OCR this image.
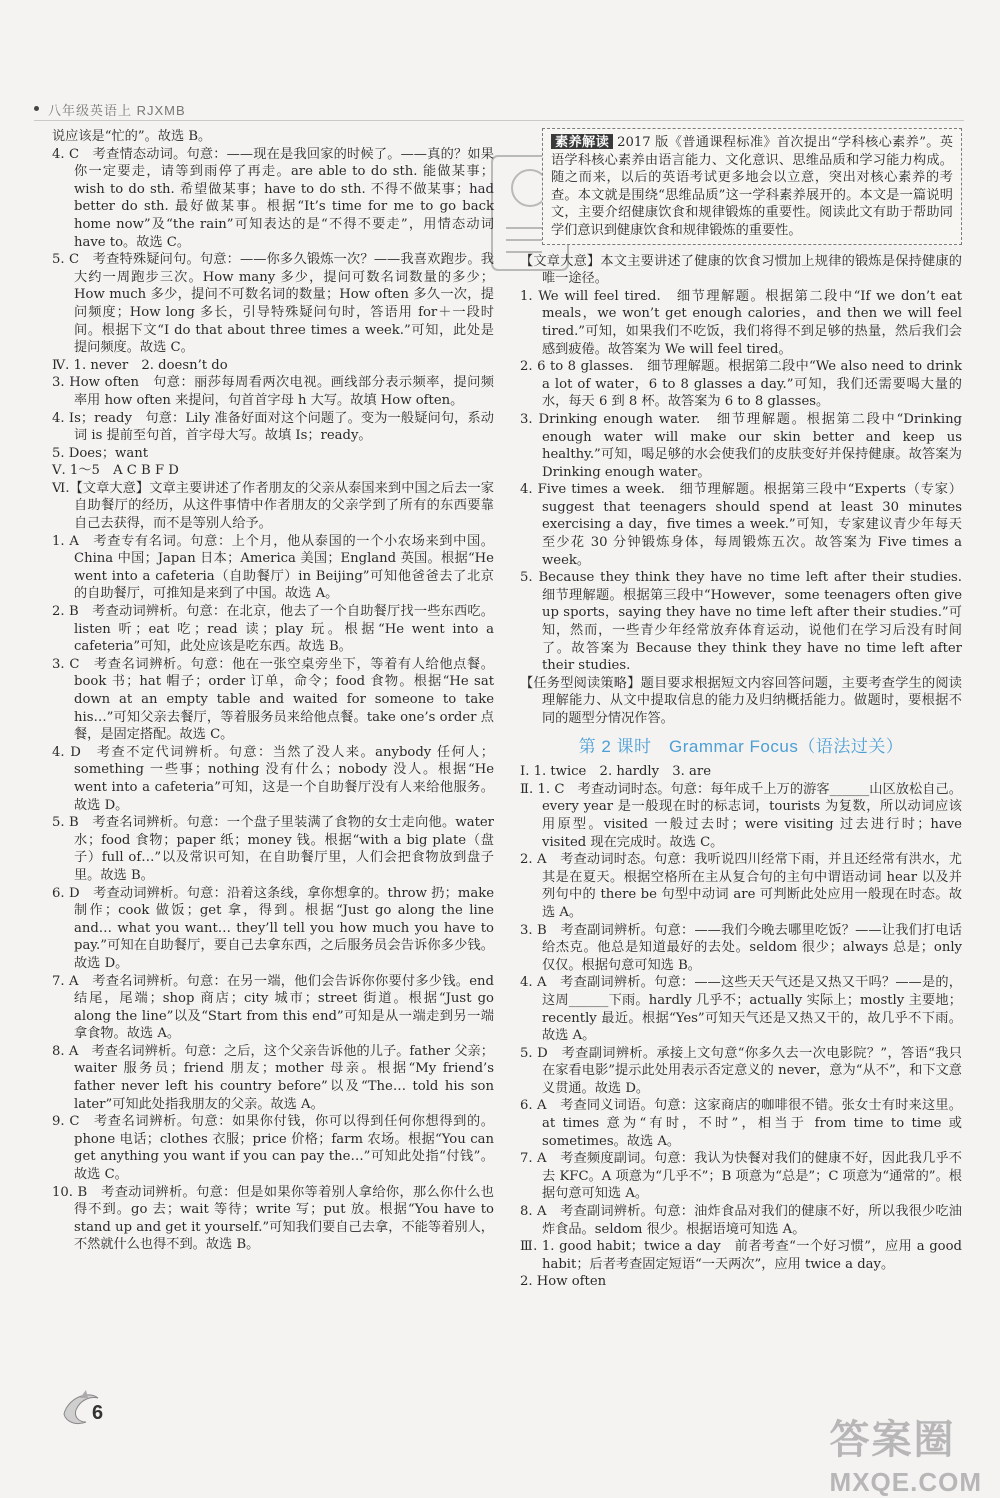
八年级英语上 RJXMB

说应该是“忙的”。故选 B。

4. C　考查情态动词。句意：——现在是我回家的时候了。——真的？如果你一定要走，请等到雨停了再走。are able to do sth. 能做某事；wish to do sth. 希望做某事；have to do sth. 不得不做某事；had better do sth. 最好做某事。根据“It’s time for me to go back home now”及“the rain”可知表达的是“不得不要走”，用情态动词 have to。故选 C。

5. C　考查特殊疑问句。句意：——你多久锻炼一次？——我喜欢跑步。我大约一周跑步三次。How many 多少，提问可数名词数量的多少；How much 多少，提问不可数名词的数量；How often 多久一次，提问频度；How long 多长，引导特殊疑问句时，答语用 for＋一段时间。根据下文“I do that about three times a week.”可知，此处是提问频度。故选 C。

Ⅳ. 1. never　2. doesn’t do

3. How often　句意：丽莎每周看两次电视。画线部分表示频率，提问频率用 how often 来提问，句首首字母 h 大写。故填 How often。

4. Is；ready　句意：Lily 准备好面对这个问题了。变为一般疑问句，系动词 is 提前至句首，首字母大写。故填 Is；ready。

5. Does；want

Ⅴ. 1～5　A C B F D

Ⅵ.【文章大意】文章主要讲述了作者朋友的父亲从泰国来到中国之后去一家自助餐厅的经历，从这件事情中作者朋友的父亲学到了所有的东西要靠自己去获得，而不是等别人给予。

1. A　考查专有名词。句意：上个月，他从泰国的一个小农场来到中国。China 中国；Japan 日本；America 美国；England 英国。根据“He went into a cafeteria（自助餐厅）in Beijing”可知他爸爸去了北京的自助餐厅，可推知是来到了中国。故选 A。

2. B　考查动词辨析。句意：在北京，他去了一个自助餐厅找一些东西吃。listen 听；eat 吃；read 读；play 玩。根据“He went into a cafeteria”可知，此处应该是吃东西。故选 B。

3. C　考查名词辨析。句意：他在一张空桌旁坐下，等着有人给他点餐。book 书；hat 帽子；order 订单，命令；food 食物。根据“He sat down at an empty table and waited for someone to take his…”可知父亲去餐厅，等着服务员来给他点餐。take one’s order 点餐，是固定搭配。故选 C。

4. D　考查不定代词辨析。句意：当然了没人来。anybody 任何人；something 一些事；nothing 没有什么；nobody 没人。根据“He went into a cafeteria”可知，这是一个自助餐厅没有人来给他服务。故选 D。

5. B　考查名词辨析。句意：一个盘子里装满了食物的女士走向他。water 水；food 食物；paper 纸；money 钱。根据“with a big plate（盘子）full of…”以及常识可知，在自助餐厅里，人们会把食物放到盘子里。故选 B。

6. D　考查动词辨析。句意：沿着这条线，拿你想拿的。throw 扔；make 制作；cook 做饭；get 拿，得到。根据“Just go along the line and… what you want… they’ll tell you how much you have to pay.”可知在自助餐厅，要自己去拿东西，之后服务员会告诉你多少钱。故选 D。

7. A　考查名词辨析。句意：在另一端，他们会告诉你你要付多少钱。end 结尾，尾端；shop 商店；city 城市；street 街道。根据“Just go along the line”以及“Start from this end”可知是从一端走到另一端拿食物。故选 A。

8. A　考查名词辨析。句意：之后，这个父亲告诉他的儿子。father 父亲；waiter 服务员；friend 朋友；mother 母亲。根据“My friend’s father never left his country before”以及“The… told his son later”可知此处指我朋友的父亲。故选 A。

9. C　考查名词辨析。句意：如果你付钱，你可以得到任何你想得到的。phone 电话；clothes 衣服；price 价格；farm 农场。根据“You can get anything you want if you can pay the…”可知此处指“付钱”。故选 C。

10. B　考查动词辨析。句意：但是如果你等着别人拿给你，那么你什么也得不到。go 去；wait 等待；write 写；put 放。根据“You have to stand up and get it yourself.”可知我们要自己去拿，不能等着别人，不然就什么也得不到。故选 B。

素养解读 2017 版《普通课程标准》首次提出“学科核心素养”。英语学科核心素养由语言能力、文化意识、思维品质和学习能力构成。随之而来，以后的英语考试更多地会以立意，突出对核心素养的考查。本文就是围绕“思维品质”这一学科素养展开的。本文是一篇说明文，主要介绍健康饮食和规律锻炼的重要性。阅读此文有助于帮助同学们意识到健康饮食和规律锻炼的重要性。

【文章大意】本文主要讲述了健康的饮食习惯加上规律的锻炼是保持健康的唯一途径。

1. We will feel tired.　细节理解题。根据第二段中“If we don’t eat meals，we won’t get enough calories，and then we will feel tired.”可知，如果我们不吃饭，我们将得不到足够的热量，然后我们会感到疲倦。故答案为 We will feel tired。

2. 6 to 8 glasses.　细节理解题。根据第二段中“We also need to drink a lot of water，6 to 8 glasses a day.”可知，我们还需要喝大量的水，每天 6 到 8 杯。故答案为 6 to 8 glasses。

3. Drinking enough water.　细节理解题。根据第二段中“Drinking enough water will make our skin better and keep us healthy.”可知，喝足够的水会使我们的皮肤变好并保持健康。故答案为 Drinking enough water。

4. Five times a week.　细节理解题。根据第三段中“Experts（专家）suggest that teenagers should spend at least 30 minutes exercising a day，five times a week.”可知，专家建议青少年每天至少花 30 分钟锻炼身体，每周锻炼五次。故答案为 Five times a week。

5. Because they think they have no time left after their studies.　细节理解题。根据第三段中“However，some teenagers often give up sports，saying they have no time left after their studies.”可知，然而，一些青少年经常放弃体育运动，说他们在学习后没有时间了。故答案为 Because they think they have no time left after their studies.

【任务型阅读策略】题目要求根据短文内容回答问题，主要考查学生的阅读理解能力、从文中提取信息的能力及归纳概括能力。做题时，要根据不同的题型分情况作答。

第 2 课时　Grammar Focus（语法过关）

Ⅰ. 1. twice　2. hardly　3. are

Ⅱ. 1. C　考查动词时态。句意：每年成千上万的游客______山区放松自己。every year 是一般现在时的标志词，tourists 为复数，所以动词应该用原型。visited 一般过去时；were visiting 过去进行时；have visited 现在完成时。故选 C。

2. A　考查动词时态。句意：我听说四川经常下雨，并且还经常有洪水，尤其是在夏天。根据空格所在主从复合句的主句中谓语动词 hear 以及并列句中的 there be 句型中动词 are 可判断此处应用一般现在时态。故选 A。

3. B　考查副词辨析。句意：——我们今晚去哪里吃饭？——让我们打电话给杰克。他总是知道最好的去处。seldom 很少；always 总是；only 仅仅。根据句意可知选 B。

4. A　考查副词辨析。句意：——这些天天气还是又热又干吗？——是的，这周______下雨。hardly 几乎不；actually 实际上；mostly 主要地；recently 最近。根据“Yes”可知天气还是又热又干的，故几乎不下雨。故选 A。

5. D　考查副词辨析。承接上文句意“你多久去一次电影院？”，答语“我只在家看电影”提示此处用表示否定意义的 never，意为“从不”，和下文意义贯通。故选 D。

6. A　考查同义词语。句意：这家商店的咖啡很不错。张女士有时来这里。at times 意为“有时，不时”，相当于 from time to time 或 sometimes。故选 A。

7. A　考查频度副词。句意：我认为快餐对我们的健康不好，因此我几乎不去 KFC。A 项意为“几乎不”；B 项意为“总是”；C 项意为“通常的”。根据句意可知选 A。

8. A　考查副词辨析。句意：油炸食品对我们的健康不好，所以我很少吃油炸食品。seldom 很少。根据语境可知选 A。

Ⅲ. 1. good habit；twice a day　前者考查“一个好习惯”，应用 a good habit；后者考查固定短语“一天两次”，应用 twice a day。

2. How often

6
答案圈
MXQE.COM
